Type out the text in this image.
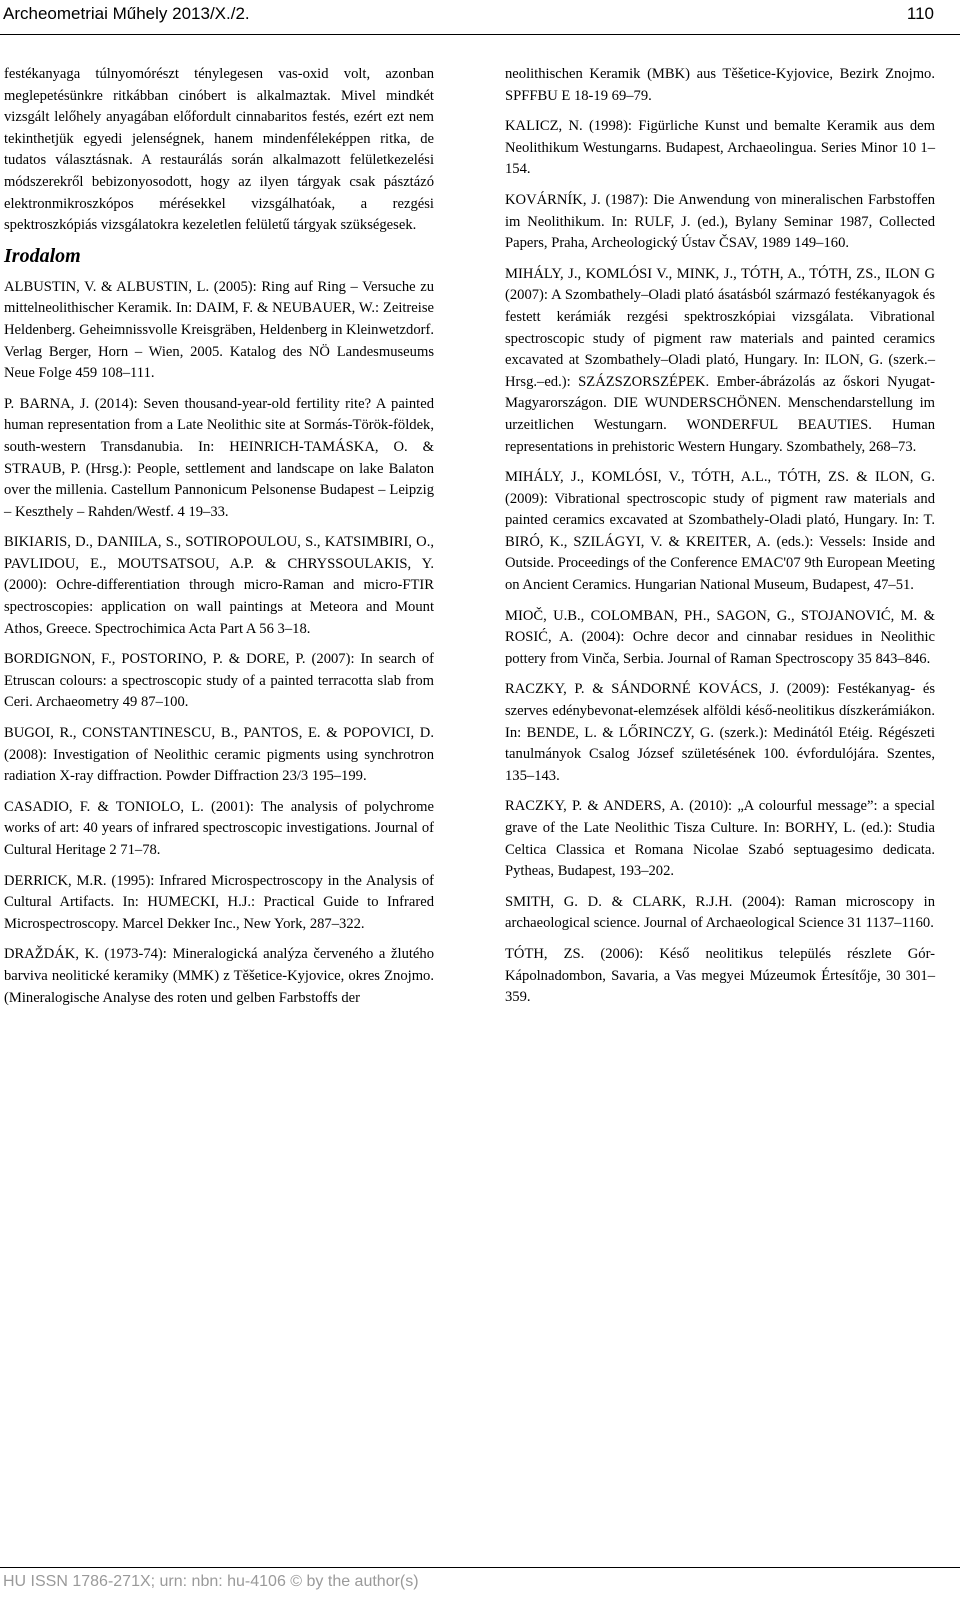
Archeometriai Műhely 2013/X./2.	110

festékanyaga túlnyomórészt ténylegesen vas-oxid volt, azonban meglepetésünkre ritkábban cinóbert is alkalmaztak. Mivel mindkét vizsgált lelőhely anyagában előfordult cinnabaritos festés, ezért ezt nem tekinthetjük egyedi jelenségnek, hanem mindenféleképpen ritka, de tudatos választásnak. A restaurálás során alkalmazott felületkezelési módszerekről bebizonyosodott, hogy az ilyen tárgyak csak pásztázó elektronmikroszkópos mérésekkel vizsgálhatóak, a rezgési spektroszkópiás vizsgálatokra kezeletlen felületű tárgyak szükségesek.

Irodalom

ALBUSTIN, V. & ALBUSTIN, L. (2005): Ring auf Ring – Versuche zu mittelneolithischer Keramik. In: DAIM, F. & NEUBAUER, W.: Zeitreise Heldenberg. Geheimnissvolle Kreisgräben, Heldenberg in Kleinwetzdorf. Verlag Berger, Horn – Wien, 2005. Katalog des NÖ Landesmuseums Neue Folge 459 108–111.

P. BARNA, J. (2014): Seven thousand-year-old fertility rite? A painted human representation from a Late Neolithic site at Sormás-Török-földek, south-western Transdanubia. In: HEINRICH-TAMÁSKA, O. & STRAUB, P. (Hrsg.): People, settlement and landscape on lake Balaton over the millenia. Castellum Pannonicum Pelsonense Budapest – Leipzig – Keszthely – Rahden/Westf. 4 19–33.

BIKIARIS, D., DANIILA, S., SOTIROPOULOU, S., KATSIMBIRI, O., PAVLIDOU, E., MOUTSATSOU, A.P. & CHRYSSOULAKIS, Y. (2000): Ochre-differentiation through micro-Raman and micro-FTIR spectroscopies: application on wall paintings at Meteora and Mount Athos, Greece. Spectrochimica Acta Part A 56 3–18.

BORDIGNON, F., POSTORINO, P. & DORE, P. (2007): In search of Etruscan colours: a spectroscopic study of a painted terracotta slab from Ceri. Archaeometry 49 87–100.

BUGOI, R., CONSTANTINESCU, B., PANTOS, E. & POPOVICI, D. (2008): Investigation of Neolithic ceramic pigments using synchrotron radiation X-ray diffraction. Powder Diffraction 23/3 195–199.

CASADIO, F. & TONIOLO, L. (2001): The analysis of polychrome works of art: 40 years of infrared spectroscopic investigations. Journal of Cultural Heritage 2 71–78.

DERRICK, M.R. (1995): Infrared Microspectroscopy in the Analysis of Cultural Artifacts. In: HUMECKI, H.J.: Practical Guide to Infrared Microspectroscopy. Marcel Dekker Inc., New York, 287–322.

DRAŽDÁK, K. (1973-74): Mineralogická analýza červeného a žlutého barviva neolitické keramiky (MMK) z Těšetice-Kyjovice, okres Znojmo. (Mineralogische Analyse des roten und gelben Farbstoffs der

neolithischen Keramik (MBK) aus Těšetice-Kyjovice, Bezirk Znojmo. SPFFBU E 18-19 69–79.

KALICZ, N. (1998): Figürliche Kunst und bemalte Keramik aus dem Neolithikum Westungarns. Budapest, Archaeolingua. Series Minor 10 1–154.

KOVÁRNÍK, J. (1987): Die Anwendung von mineralischen Farbstoffen im Neolithikum. In: RULF, J. (ed.), Bylany Seminar 1987, Collected Papers, Praha, Archeologický Ústav ČSAV, 1989 149–160.

MIHÁLY, J., KOMLÓSI V., MINK, J., TÓTH, A., TÓTH, ZS., ILON G (2007): A Szombathely–Oladi plató ásatásból származó festékanyagok és festett kerámiák rezgési spektroszkópiai vizsgálata. Vibrational spectroscopic study of pigment raw materials and painted ceramics excavated at Szombathely–Oladi plató, Hungary. In: ILON, G. (szerk.–Hrsg.–ed.): SZÁZSZORSZÉPEK. Ember-ábrázolás az őskori Nyugat-Magyarországon. DIE WUNDERSCHÖNEN. Menschendarstellung im urzeitlichen Westungarn. WONDERFUL BEAUTIES. Human representations in prehistoric Western Hungary. Szombathely, 268–73.

MIHÁLY, J., KOMLÓSI, V., TÓTH, A.L., TÓTH, ZS. & ILON, G. (2009): Vibrational spectroscopic study of pigment raw materials and painted ceramics excavated at Szombathely-Oladi plató, Hungary. In: T. BIRÓ, K., SZILÁGYI, V. & KREITER, A. (eds.): Vessels: Inside and Outside. Proceedings of the Conference EMAC'07 9th European Meeting on Ancient Ceramics. Hungarian National Museum, Budapest, 47–51.

MIOČ, U.B., COLOMBAN, PH., SAGON, G., STOJANOVIĆ, M. & ROSIĆ, A. (2004): Ochre decor and cinnabar residues in Neolithic pottery from Vinča, Serbia. Journal of Raman Spectroscopy 35 843–846.

RACZKY, P. & SÁNDORNÉ KOVÁCS, J. (2009): Festékanyag- és szerves edénybevonat-elemzések alföldi késő-neolitikus díszkerámiákon. In: BENDE, L. & LŐRINCZY, G. (szerk.): Medinától Etéig. Régészeti tanulmányok Csalog József születésének 100. évfordulójára. Szentes, 135–143.

RACZKY, P. & ANDERS, A. (2010): „A colourful message”: a special grave of the Late Neolithic Tisza Culture. In: BORHY, L. (ed.): Studia Celtica Classica et Romana Nicolae Szabó septuagesimo dedicata. Pytheas, Budapest, 193–202.

SMITH, G. D. & CLARK, R.J.H. (2004): Raman microscopy in archaeological science. Journal of Archaeological Science 31 1137–1160.

TÓTH, ZS. (2006): Késő neolitikus település részlete Gór-Kápolnadombon, Savaria, a Vas megyei Múzeumok Értesítője, 30 301–359.

HU ISSN 1786-271X; urn: nbn: hu-4106 © by the author(s)
